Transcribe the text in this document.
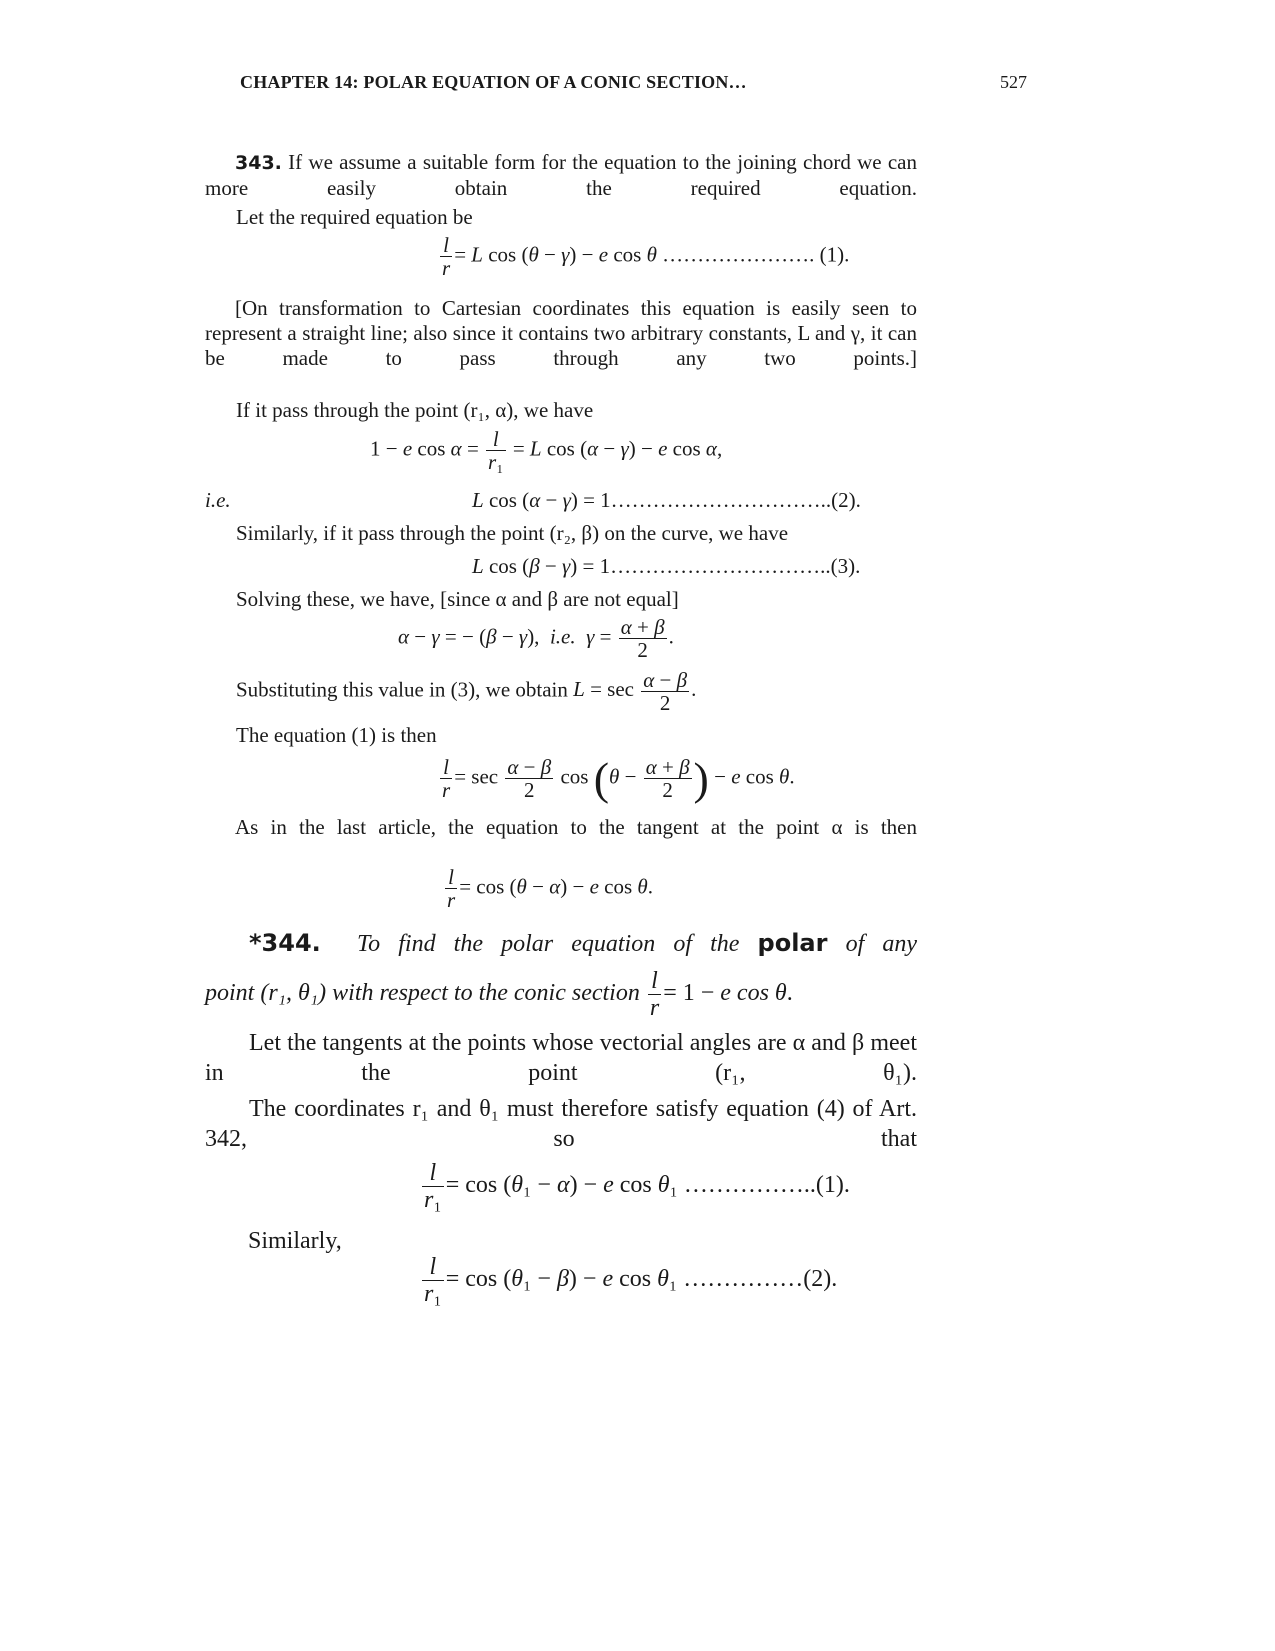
CHAPTER 14: POLAR EQUATION OF A CONIC SECTION…	527
343. If we assume a suitable form for the equation to the joining chord we can more easily obtain the required equation.
Let the required equation be
$\frac{l}{r} = L$ cos (θ − γ) − e cos θ …………………. (1).
[On transformation to Cartesian coordinates this equation is easily seen to represent a straight line; also since it contains two arbitrary constants, L and γ, it can be made to pass through any two points.]
If it pass through the point (r₁, α), we have
1 − e $\cos \alpha = \frac{l}{\text{r₁}} = L$ cos (α − γ) − e cos α,
i.e.	L cos (α − γ) = 1…………………………..(2).
Similarly, if it pass through the point (r₂, β) on the curve, we have
L cos (β − γ) = 1…………………………..(3).
Solving these, we have, [since α and β are not equal]
α − γ = − (β − γ),  i.e. $\gamma = \frac{\alpha + \beta}{2}$ .
Substituting this value in (3), we obtain $L = \sec \frac{\alpha - \beta}{2}$ .
The equation (1) is then
$\frac{l}{r} = \sec \frac{\alpha - \beta}{2}$ $\cos (\theta - \frac{\alpha + \beta}{2}$ ) − e cos θ.
As in the last article, the equation to the tangent at the point α is then
$\frac{l}{r} = \cos (\theta - \alpha) - e$ cos θ.
*344. To find the polar equation of the polar of any
point (r₁, θ₁) with respect to the conic section $\frac{l}{r} = 1 - e$ cos θ.
Let the tangents at the points whose vectorial angles are α and β meet in the point (r₁, θ₁).
The coordinates r₁ and θ₁ must therefore satisfy equation (4) of Art. 342, so that
$\frac{l}{\text{r₁}} = \cos (\theta_1 - \alpha) - e$ cos θ₁ ……………..(1).
Similarly,
$\frac{l}{\text{r₁}} = \cos (\theta_1 - \beta) - e$ cos θ₁ ……………(2).
